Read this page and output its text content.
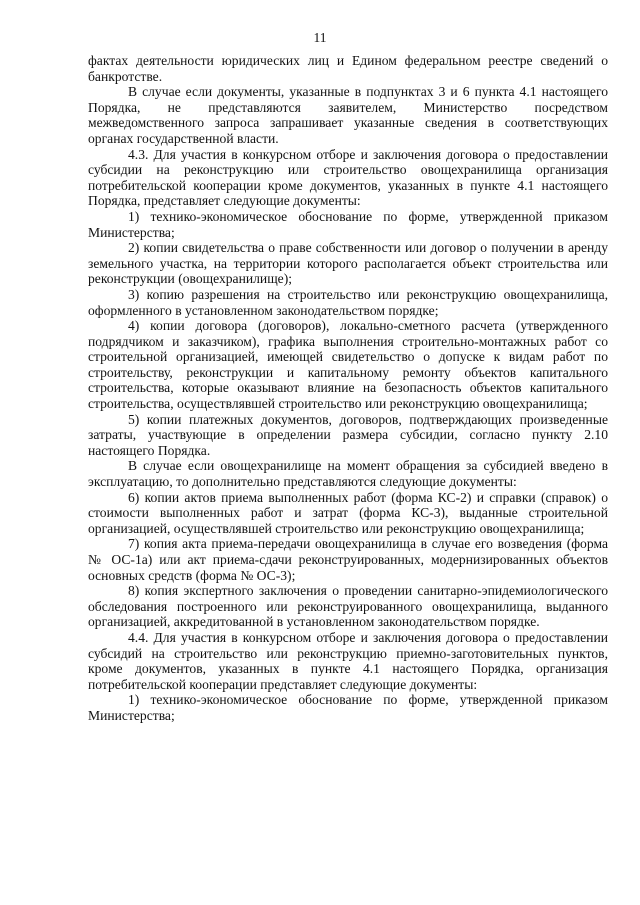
11

фактах деятельности юридических лиц и Едином федеральном реестре сведений о банкротстве.

В случае если документы, указанные в подпунктах 3 и 6 пункта 4.1 настоящего Порядка, не представляются заявителем, Министерство посредством межведомственного запроса запрашивает указанные сведения в соответствующих органах государственной власти.

4.3. Для участия в конкурсном отборе и заключения договора о предоставлении субсидии на реконструкцию или строительство овощехранилища организация потребительской кооперации кроме документов, указанных в пункте 4.1 настоящего Порядка, представляет следующие документы:

1) технико-экономическое обоснование по форме, утвержденной приказом Министерства;

2) копии свидетельства о праве собственности или договор о получении в аренду земельного участка, на территории которого располагается объект строительства или реконструкции (овощехранилище);

3) копию разрешения на строительство или реконструкцию овощехранилища, оформленного в установленном законодательством порядке;

4) копии договора (договоров), локально-сметного расчета (утвержденного подрядчиком и заказчиком), графика выполнения строительно-монтажных работ со строительной организацией, имеющей свидетельство о допуске к видам работ по строительству, реконструкции и капитальному ремонту объектов капитального строительства, которые оказывают влияние на безопасность объектов капитального строительства, осуществлявшей строительство или реконструкцию овощехранилища;

5) копии платежных документов, договоров, подтверждающих произведенные затраты, участвующие в определении размера субсидии, согласно пункту 2.10 настоящего Порядка.

В случае если овощехранилище на момент обращения за субсидией введено в эксплуатацию, то дополнительно представляются следующие документы:

6) копии актов приема выполненных работ (форма КС-2) и справки (справок) о стоимости выполненных работ и затрат (форма КС-3), выданные строительной организацией, осуществлявшей строительство или реконструкцию овощехранилища;

7) копия акта приема-передачи овощехранилища в случае его возведения (форма № ОС-1а) или акт приема-сдачи реконструированных, модернизированных объектов основных средств (форма № ОС-3);

8) копия экспертного заключения о проведении санитарно-эпидемиологического обследования построенного или реконструированного овощехранилища, выданного организацией, аккредитованной в установленном законодательством порядке.

4.4. Для участия в конкурсном отборе и заключения договора о предоставлении субсидий на строительство или реконструкцию приемно-заготовительных пунктов, кроме документов, указанных в пункте 4.1 настоящего Порядка, организация потребительской кооперации представляет следующие документы:

1) технико-экономическое обоснование по форме, утвержденной приказом Министерства;
